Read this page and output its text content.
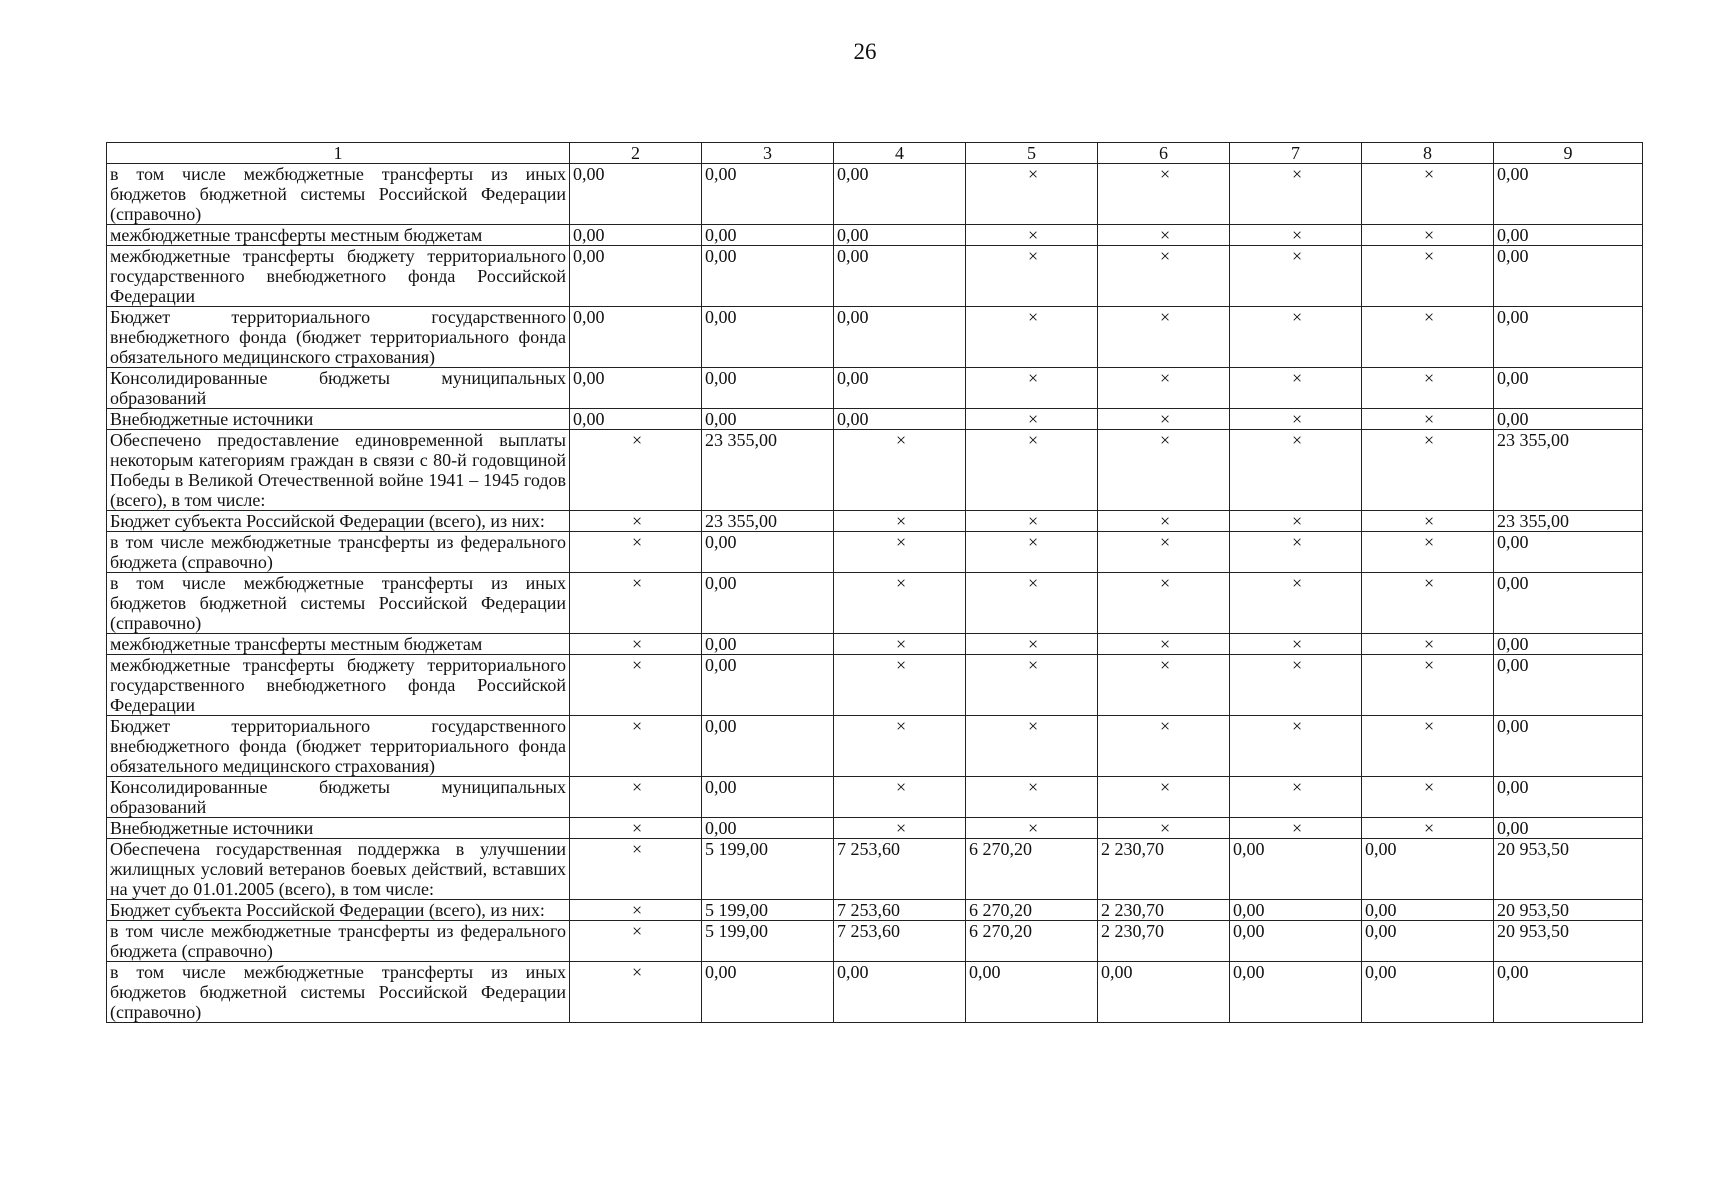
26
1	2	3	4	5	6	7	8	9
в том числе межбюджетные трансферты из иных бюджетов бюджетной системы Российской Федерации (справочно)	0,00	0,00	0,00	×	×	×	×	0,00
межбюджетные трансферты местным бюджетам	0,00	0,00	0,00	×	×	×	×	0,00
межбюджетные трансферты бюджету территориального государственного внебюджетного фонда Российской Федерации	0,00	0,00	0,00	×	×	×	×	0,00
Бюджет территориального государственного внебюджетного фонда (бюджет территориального фонда обязательного медицинского страхования)	0,00	0,00	0,00	×	×	×	×	0,00
Консолидированные бюджеты муниципальных образований	0,00	0,00	0,00	×	×	×	×	0,00
Внебюджетные источники	0,00	0,00	0,00	×	×	×	×	0,00
Обеспечено предоставление единовременной выплаты некоторым категориям граждан в связи с 80-й годовщиной Победы в Великой Отечественной войне 1941 – 1945 годов (всего), в том числе:	×	23 355,00	×	×	×	×	×	23 355,00
Бюджет субъекта Российской Федерации (всего), из них:	×	23 355,00	×	×	×	×	×	23 355,00
в том числе межбюджетные трансферты из федерального бюджета (справочно)	×	0,00	×	×	×	×	×	0,00
в том числе межбюджетные трансферты из иных бюджетов бюджетной системы Российской Федерации (справочно)	×	0,00	×	×	×	×	×	0,00
межбюджетные трансферты местным бюджетам	×	0,00	×	×	×	×	×	0,00
межбюджетные трансферты бюджету территориального государственного внебюджетного фонда Российской Федерации	×	0,00	×	×	×	×	×	0,00
Бюджет территориального государственного внебюджетного фонда (бюджет территориального фонда обязательного медицинского страхования)	×	0,00	×	×	×	×	×	0,00
Консолидированные бюджеты муниципальных образований	×	0,00	×	×	×	×	×	0,00
Внебюджетные источники	×	0,00	×	×	×	×	×	0,00
Обеспечена государственная поддержка в улучшении жилищных условий ветеранов боевых действий, вставших на учет до 01.01.2005 (всего), в том числе:	×	5 199,00	7 253,60	6 270,20	2 230,70	0,00	0,00	20 953,50
Бюджет субъекта Российской Федерации (всего), из них:	×	5 199,00	7 253,60	6 270,20	2 230,70	0,00	0,00	20 953,50
в том числе межбюджетные трансферты из федерального бюджета (справочно)	×	5 199,00	7 253,60	6 270,20	2 230,70	0,00	0,00	20 953,50
в том числе межбюджетные трансферты из иных бюджетов бюджетной системы Российской Федерации (справочно)	×	0,00	0,00	0,00	0,00	0,00	0,00	0,00
